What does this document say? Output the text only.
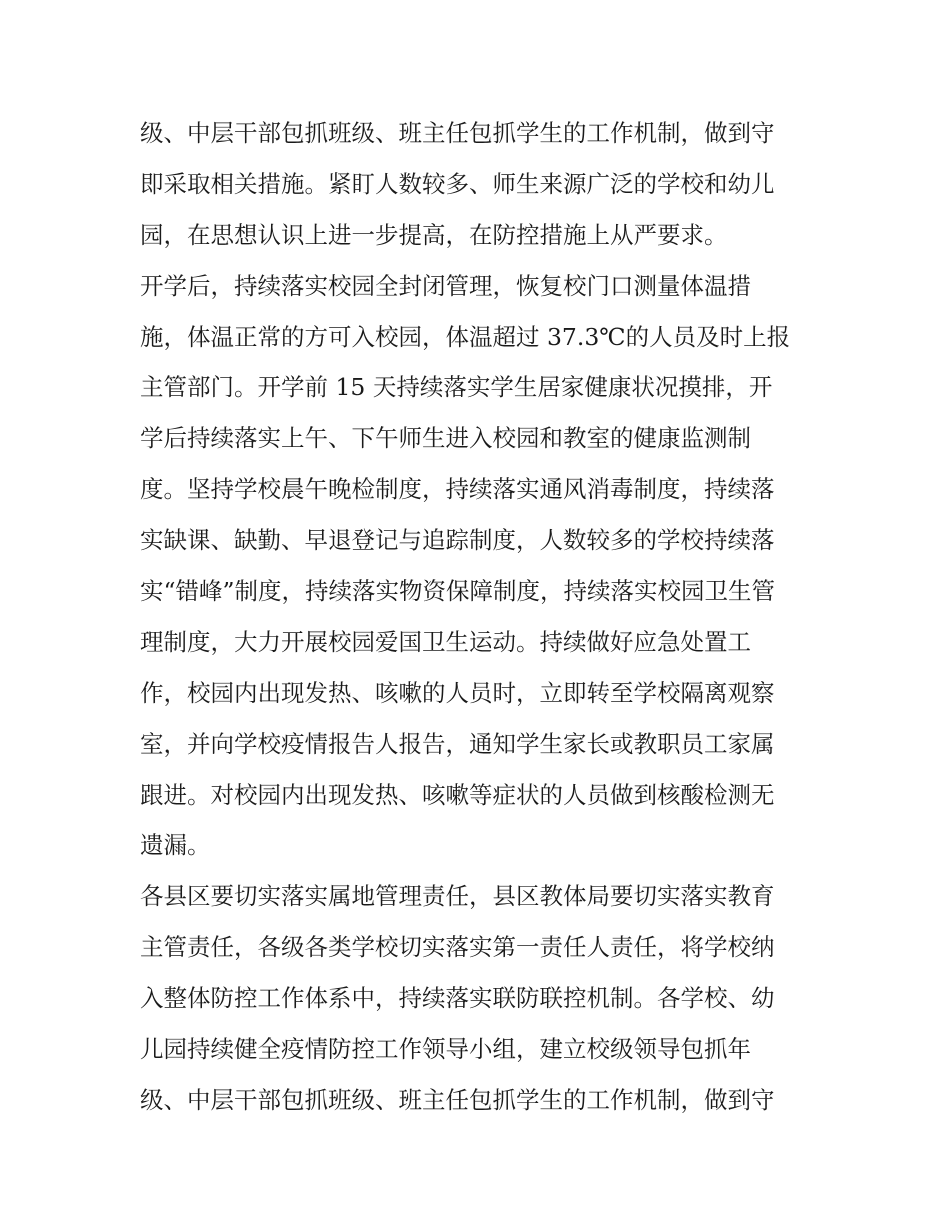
级、中层干部包抓班级、班主任包抓学生的工作机制，做到守
即采取相关措施。紧盯人数较多、师生来源广泛的学校和幼儿
园，在思想认识上进一步提高，在防控措施上从严要求。
开学后，持续落实校园全封闭管理，恢复校门口测量体温措
施，体温正常的方可入校园，体温超过 37.3℃的人员及时上报
主管部门。开学前 15 天持续落实学生居家健康状况摸排，开
学后持续落实上午、下午师生进入校园和教室的健康监测制
度。坚持学校晨午晚检制度，持续落实通风消毒制度，持续落
实缺课、缺勤、早退登记与追踪制度，人数较多的学校持续落
实“错峰”制度，持续落实物资保障制度，持续落实校园卫生管
理制度，大力开展校园爱国卫生运动。持续做好应急处置工
作，校园内出现发热、咳嗽的人员时，立即转至学校隔离观察
室，并向学校疫情报告人报告，通知学生家长或教职员工家属
跟进。对校园内出现发热、咳嗽等症状的人员做到核酸检测无
遗漏。
各县区要切实落实属地管理责任，县区教体局要切实落实教育
主管责任，各级各类学校切实落实第一责任人责任，将学校纳
入整体防控工作体系中，持续落实联防联控机制。各学校、幼
儿园持续健全疫情防控工作领导小组，建立校级领导包抓年
级、中层干部包抓班级、班主任包抓学生的工作机制，做到守
